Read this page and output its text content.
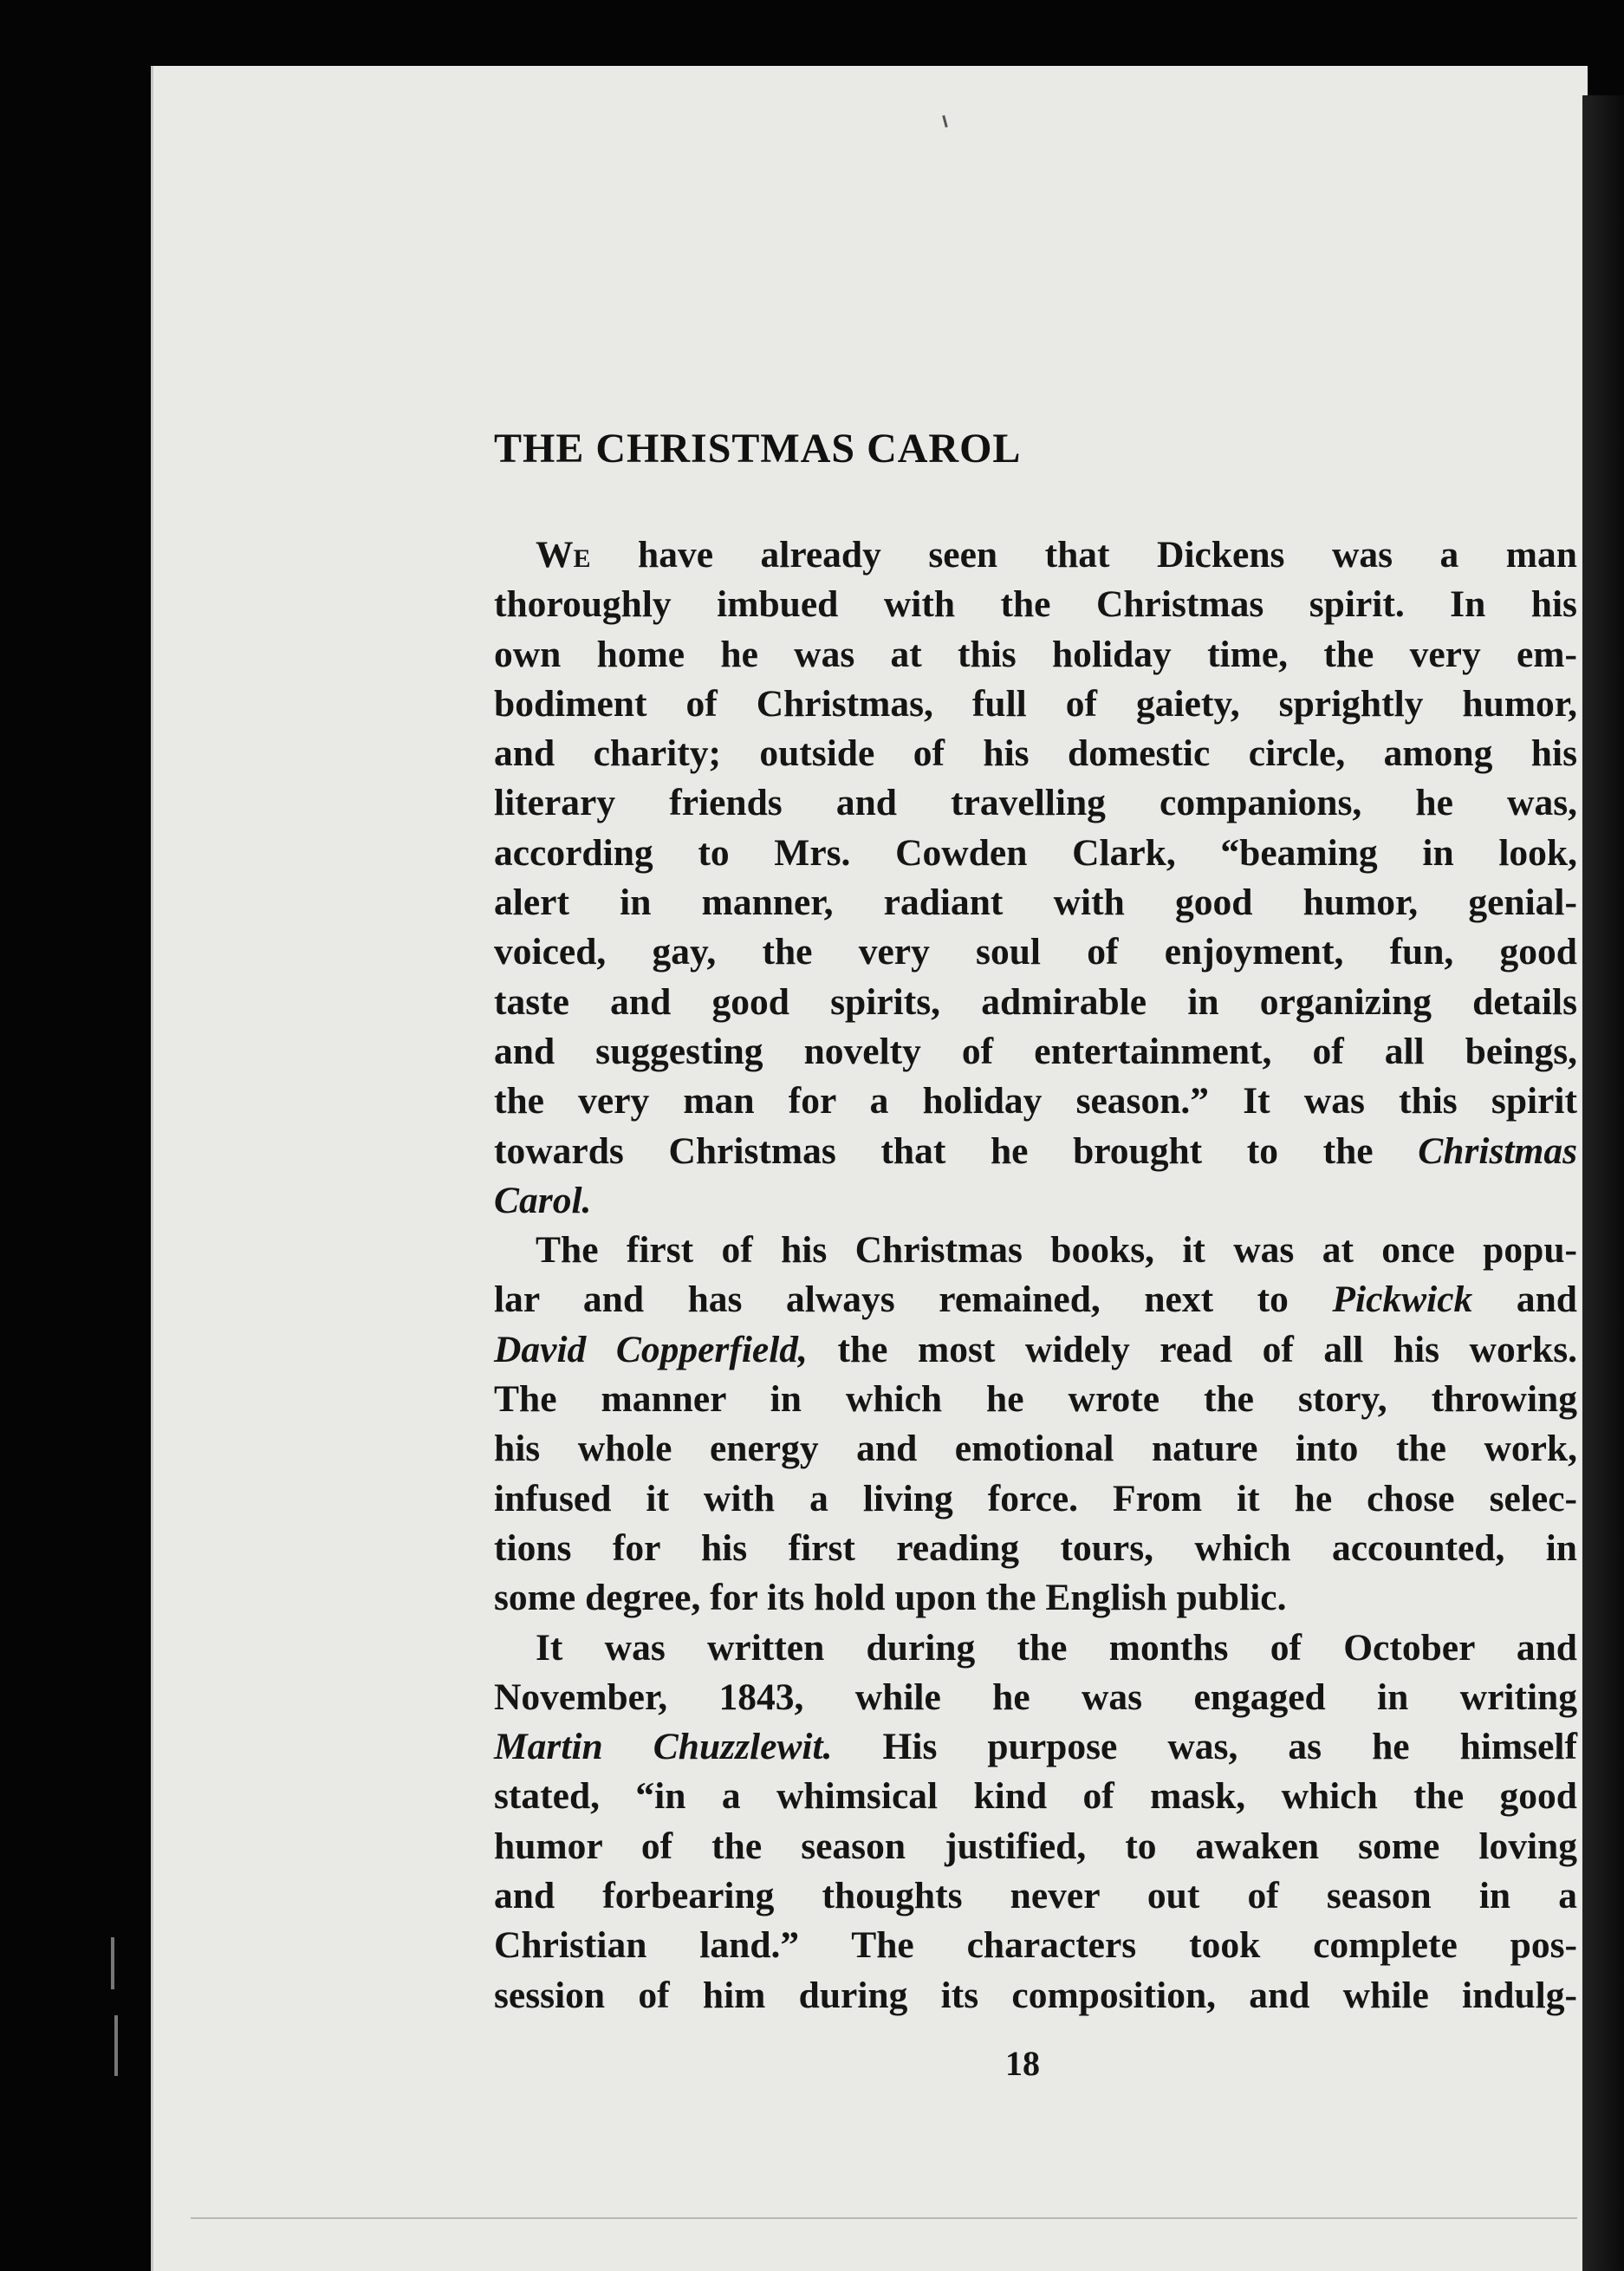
THE CHRISTMAS CAROL

We have already seen that Dickens was a man
thoroughly imbued with the Christmas spirit. In his
own home he was at this holiday time, the very em-
bodiment of Christmas, full of gaiety, sprightly humor,
and charity; outside of his domestic circle, among his
literary friends and travelling companions, he was,
according to Mrs. Cowden Clark, “beaming in look,
alert in manner, radiant with good humor, genial-
voiced, gay, the very soul of enjoyment, fun, good
taste and good spirits, admirable in organizing details
and suggesting novelty of entertainment, of all beings,
the very man for a holiday season.” It was this spirit
towards Christmas that he brought to the Christmas
Carol.

The first of his Christmas books, it was at once popu-
lar and has always remained, next to Pickwick and
David Copperfield, the most widely read of all his works.
The manner in which he wrote the story, throwing
his whole energy and emotional nature into the work,
infused it with a living force. From it he chose selec-
tions for his first reading tours, which accounted, in
some degree, for its hold upon the English public.

It was written during the months of October and
November, 1843, while he was engaged in writing
Martin Chuzzlewit. His purpose was, as he himself
stated, “in a whimsical kind of mask, which the good
humor of the season justified, to awaken some loving
and forbearing thoughts never out of season in a
Christian land.” The characters took complete pos-
session of him during its composition, and while indulg-

18
